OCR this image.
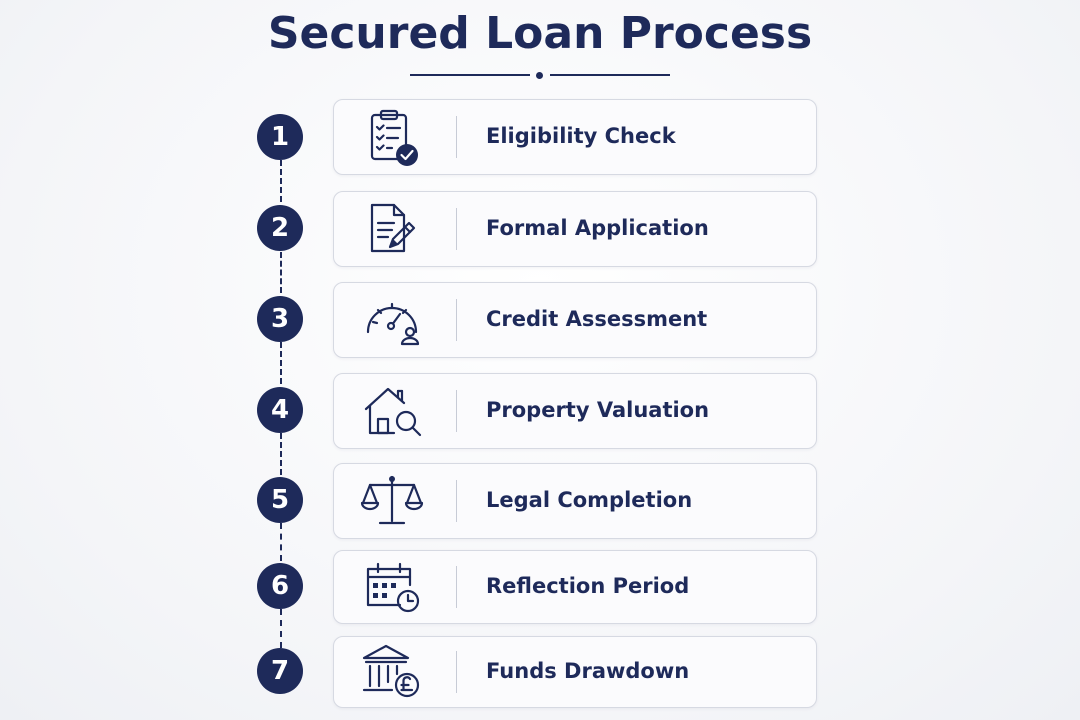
Secured Loan Process
1	Eligibility Check
2	Formal Application
3	Credit Assessment
4	Property Valuation
5	Legal Completion
6	Reflection Period
7	Funds Drawdown
